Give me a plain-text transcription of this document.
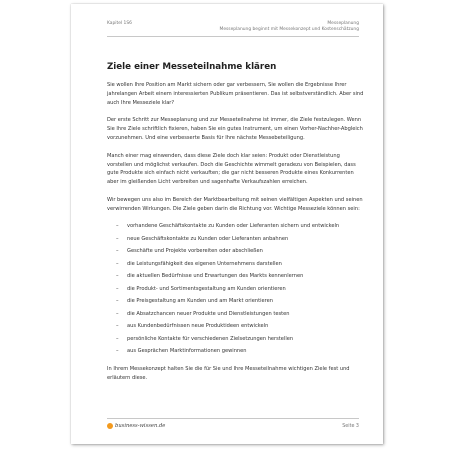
Kapitel 1S6	Messeplanung
Messeplanung beginnt mit Messekonzept und Kostenschätzung
Ziele einer Messeteilnahme klären

Sie wollen Ihre Position am Markt sichern oder gar verbessern, Sie wollen die Ergebnisse Ihrer jahrelangen Arbeit einem interessierten Publikum präsentieren. Das ist selbstverständlich. Aber sind auch Ihre Messeziele klar?

Der erste Schritt zur Messeplanung und zur Messeteilnahme ist immer, die Ziele festzulegen. Wenn Sie Ihre Ziele schriftlich fixieren, haben Sie ein gutes Instrument, um einen Vorher-Nachher-Abgleich vorzunehmen. Und eine verbesserte Basis für Ihre nächste Messebeteiligung.

Manch einer mag einwenden, dass diese Ziele doch klar seien: Produkt oder Dienstleistung vorstellen und möglichst verkaufen. Doch die Geschichte wimmelt geradezu von Beispielen, dass gute Produkte sich einfach nicht verkauften; die gar nicht besseren Produkte eines Konkurrenten aber im gleißenden Licht verbreiten und sagenhafte Verkaufszahlen erreichen.

Wir bewegen uns also im Bereich der Marktbearbeitung mit seinen vielfältigen Aspekten und seinen verwirrenden Wirkungen. Die Ziele geben darin die Richtung vor. Wichtige Messeziele können sein:

– vorhandene Geschäftskontakte zu Kunden oder Lieferanten sichern und entwickeln
– neue Geschäftskontakte zu Kunden oder Lieferanten anbahnen
– Geschäfte und Projekte vorbereiten oder abschließen
– die Leistungsfähigkeit des eigenen Unternehmens darstellen
– die aktuellen Bedürfnisse und Erwartungen des Markts kennenlernen
– die Produkt- und Sortimentsgestaltung am Kunden orientieren
– die Preisgestaltung am Kunden und am Markt orientieren
– die Absatzchancen neuer Produkte und Dienstleistungen testen
– aus Kundenbedürfnissen neue Produktideen entwickeln
– persönliche Kontakte für verschiedenen Zielsetzungen herstellen
– aus Gesprächen Marktinformationen gewinnen

In Ihrem Messekonzept halten Sie die für Sie und Ihre Messeteilnahme wichtigen Ziele fest und erläutern diese.

business-wissen.de	Seite 3
